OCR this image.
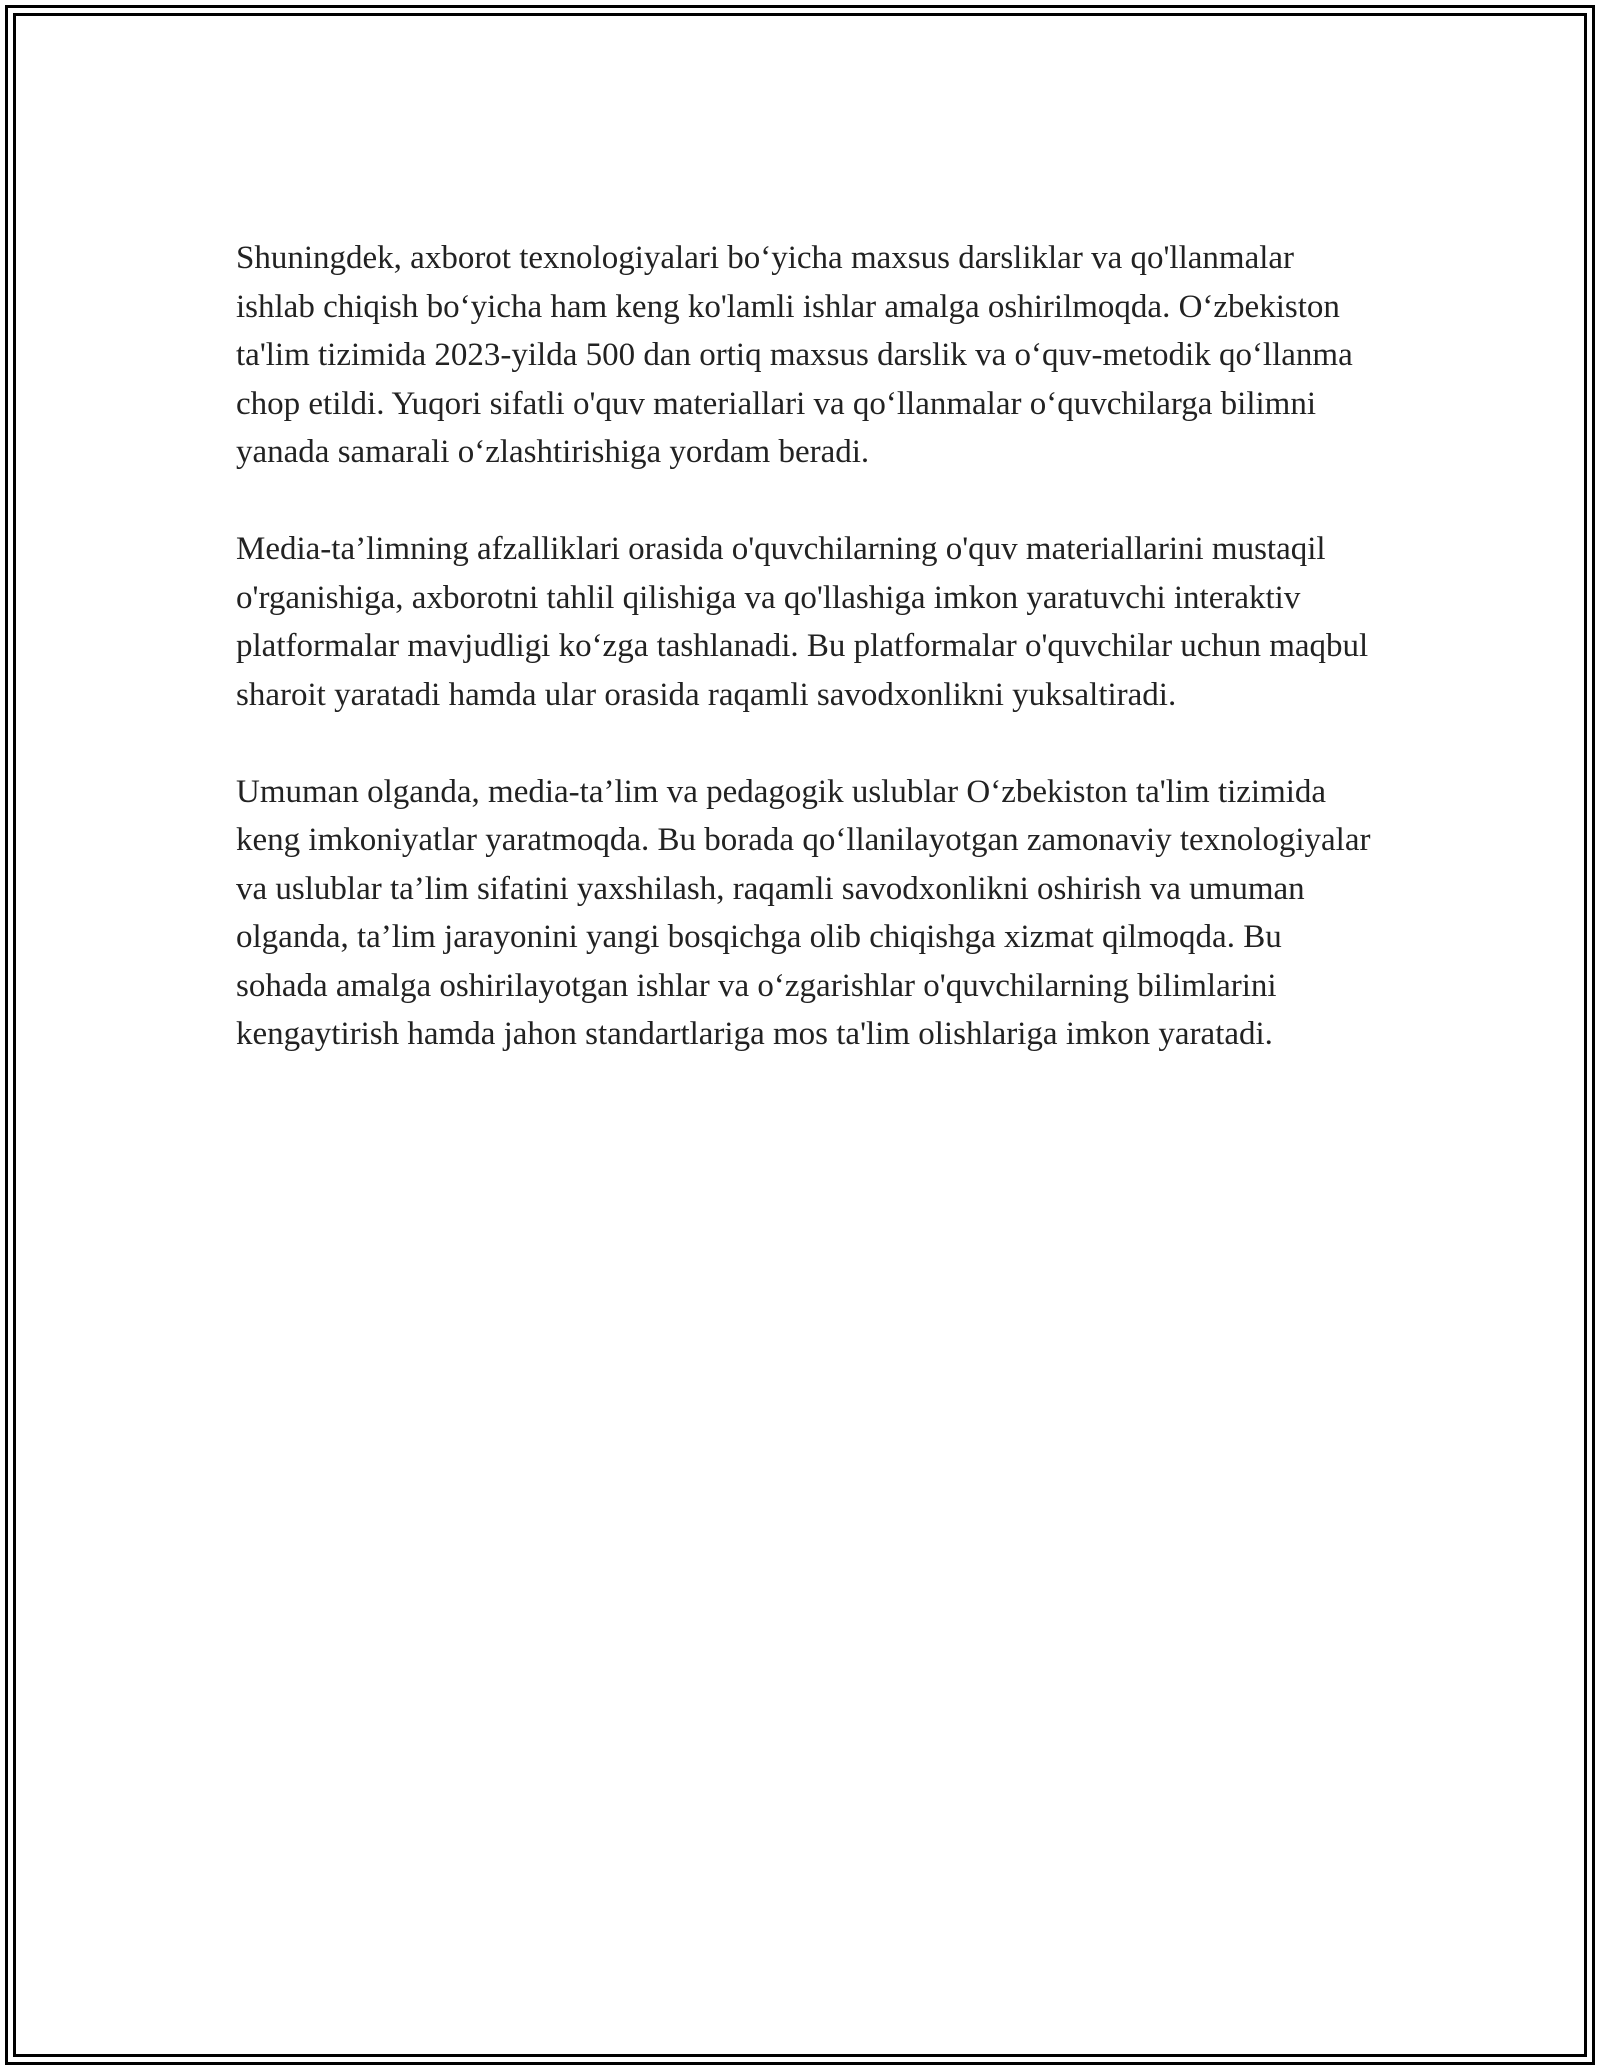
Shuningdek, axborot texnologiyalari bo‘yicha maxsus darsliklar va qo'llanmalar ishlab chiqish bo‘yicha ham keng ko'lamli ishlar amalga oshirilmoqda. O‘zbekiston ta'lim tizimida 2023-yilda 500 dan ortiq maxsus darslik va o‘quv-metodik qo‘llanma chop etildi. Yuqori sifatli o'quv materiallari va qo‘llanmalar o‘quvchilarga bilimni yanada samarali o‘zlashtirishiga yordam beradi.

Media-ta’limning afzalliklari orasida o'quvchilarning o'quv materiallarini mustaqil o'rganishiga, axborotni tahlil qilishiga va qo'llashiga imkon yaratuvchi interaktiv platformalar mavjudligi ko‘zga tashlanadi. Bu platformalar o'quvchilar uchun maqbul sharoit yaratadi hamda ular orasida raqamli savodxonlikni yuksaltiradi.

Umuman olganda, media-ta’lim va pedagogik uslublar O‘zbekiston ta'lim tizimida keng imkoniyatlar yaratmoqda. Bu borada qo‘llanilayotgan zamonaviy texnologiyalar va uslublar ta’lim sifatini yaxshilash, raqamli savodxonlikni oshirish va umuman olganda, ta’lim jarayonini yangi bosqichga olib chiqishga xizmat qilmoqda. Bu sohada amalga oshirilayotgan ishlar va o‘zgarishlar o'quvchilarning bilimlarini kengaytirish hamda jahon standartlariga mos ta'lim olishlariga imkon yaratadi.
